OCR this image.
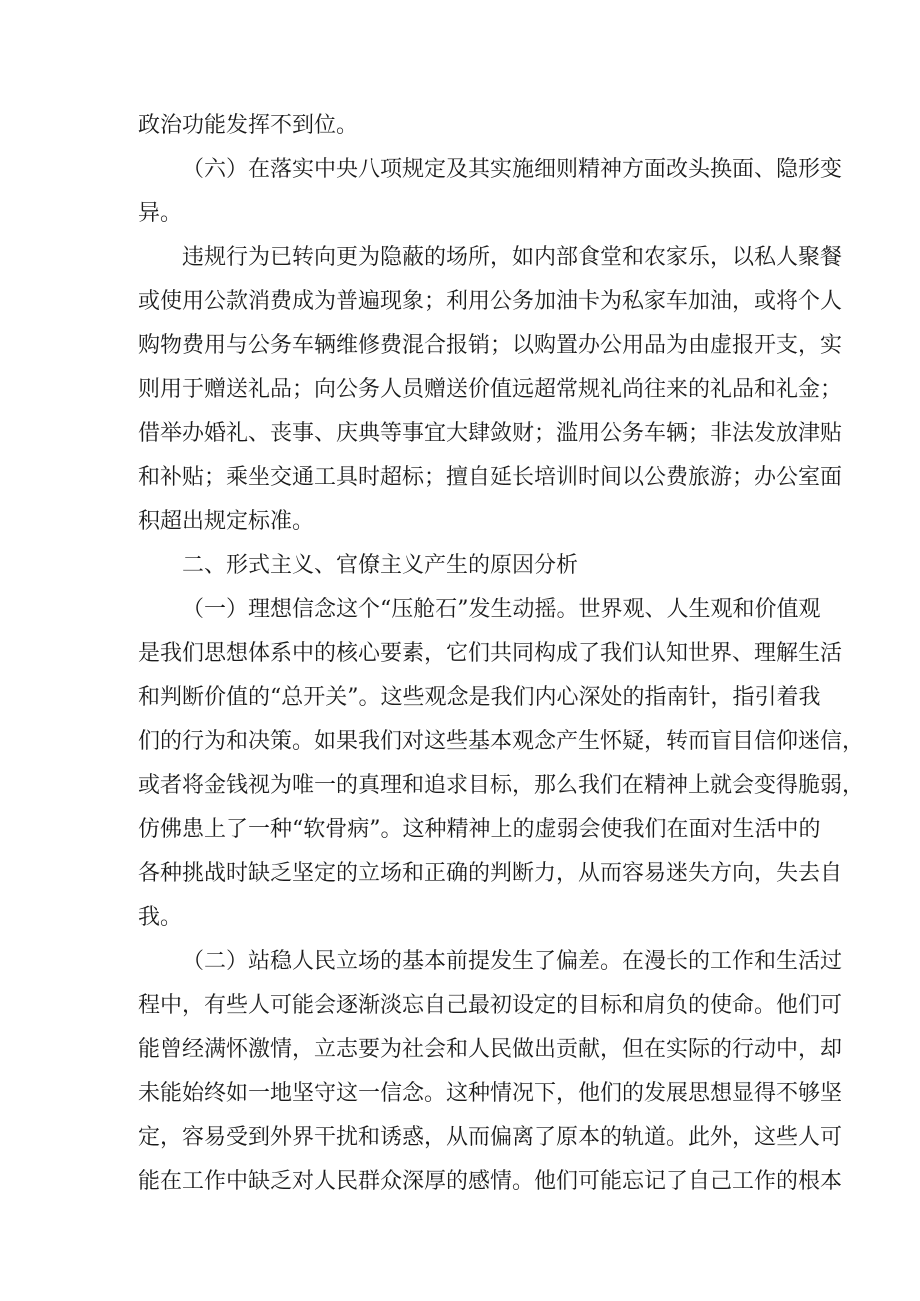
政治功能发挥不到位。
（六）在落实中央八项规定及其实施细则精神方面改头换面、隐形变
异。
违规行为已转向更为隐蔽的场所，如内部食堂和农家乐，以私人聚餐
或使用公款消费成为普遍现象；利用公务加油卡为私家车加油，或将个人
购物费用与公务车辆维修费混合报销；以购置办公用品为由虚报开支，实
则用于赠送礼品；向公务人员赠送价值远超常规礼尚往来的礼品和礼金；
借举办婚礼、丧事、庆典等事宜大肆敛财；滥用公务车辆；非法发放津贴
和补贴；乘坐交通工具时超标；擅自延长培训时间以公费旅游；办公室面
积超出规定标准。
二、形式主义、官僚主义产生的原因分析
（一）理想信念这个“压舱石”发生动摇。世界观、人生观和价值观
是我们思想体系中的核心要素，它们共同构成了我们认知世界、理解生活
和判断价值的“总开关”。这些观念是我们内心深处的指南针，指引着我
们的行为和决策。如果我们对这些基本观念产生怀疑，转而盲目信仰迷信，
或者将金钱视为唯一的真理和追求目标，那么我们在精神上就会变得脆弱，
仿佛患上了一种“软骨病”。这种精神上的虚弱会使我们在面对生活中的
各种挑战时缺乏坚定的立场和正确的判断力，从而容易迷失方向，失去自
我。
（二）站稳人民立场的基本前提发生了偏差。在漫长的工作和生活过
程中，有些人可能会逐渐淡忘自己最初设定的目标和肩负的使命。他们可
能曾经满怀激情，立志要为社会和人民做出贡献，但在实际的行动中，却
未能始终如一地坚守这一信念。这种情况下，他们的发展思想显得不够坚
定，容易受到外界干扰和诱惑，从而偏离了原本的轨道。此外，这些人可
能在工作中缺乏对人民群众深厚的感情。他们可能忘记了自己工作的根本
